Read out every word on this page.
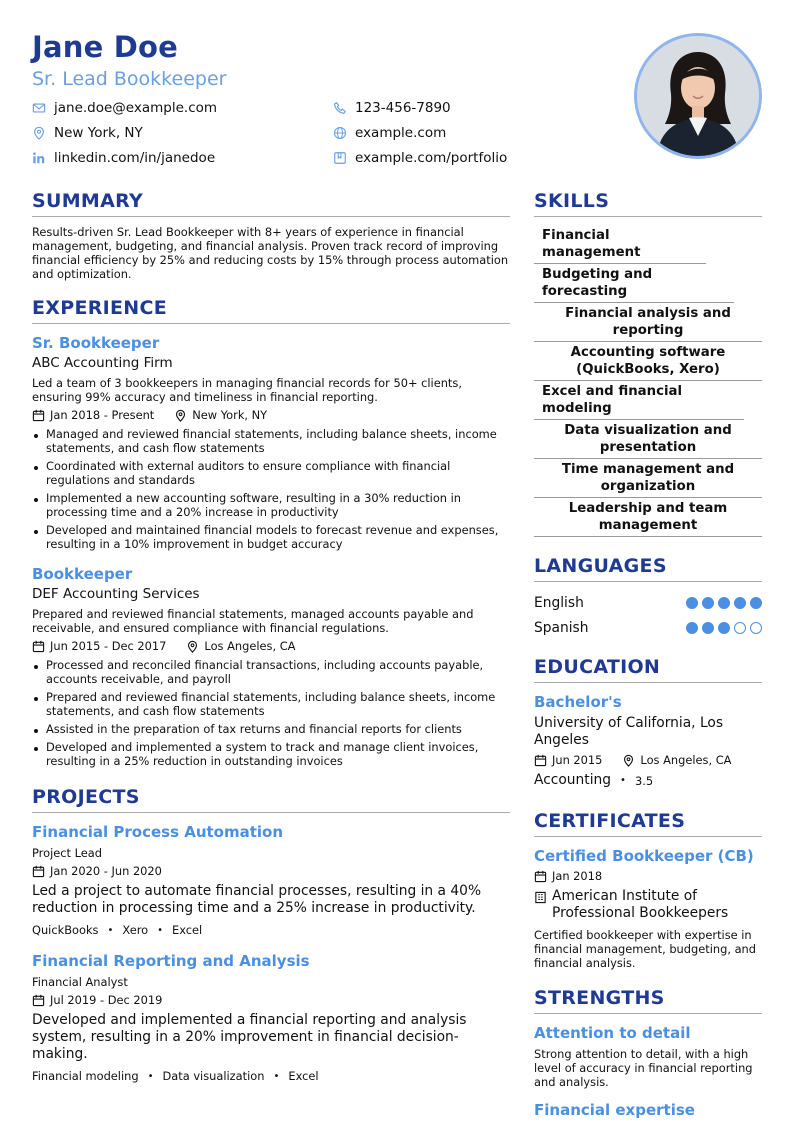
Jane Doe
Sr. Lead Bookkeeper
jane.doe@example.com	123-456-7890
New York, NY	example.com
linkedin.com/in/janedoe	example.com/portfolio
SUMMARY
Results-driven Sr. Lead Bookkeeper with 8+ years of experience in financial management, budgeting, and financial analysis. Proven track record of improving financial efficiency by 25% and reducing costs by 15% through process automation and optimization.
EXPERIENCE
Sr. Bookkeeper
ABC Accounting Firm
Led a team of 3 bookkeepers in managing financial records for 50+ clients, ensuring 99% accuracy and timeliness in financial reporting.
Jan 2018 - Present	New York, NY
Managed and reviewed financial statements, including balance sheets, income statements, and cash flow statements
Coordinated with external auditors to ensure compliance with financial regulations and standards
Implemented a new accounting software, resulting in a 30% reduction in processing time and a 20% increase in productivity
Developed and maintained financial models to forecast revenue and expenses, resulting in a 10% improvement in budget accuracy
Bookkeeper
DEF Accounting Services
Prepared and reviewed financial statements, managed accounts payable and receivable, and ensured compliance with financial regulations.
Jun 2015 - Dec 2017	Los Angeles, CA
Processed and reconciled financial transactions, including accounts payable, accounts receivable, and payroll
Prepared and reviewed financial statements, including balance sheets, income statements, and cash flow statements
Assisted in the preparation of tax returns and financial reports for clients
Developed and implemented a system to track and manage client invoices, resulting in a 25% reduction in outstanding invoices
PROJECTS
Financial Process Automation
Project Lead
Jan 2020 - Jun 2020
Led a project to automate financial processes, resulting in a 40% reduction in processing time and a 25% increase in productivity.
QuickBooks • Xero • Excel
Financial Reporting and Analysis
Financial Analyst
Jul 2019 - Dec 2019
Developed and implemented a financial reporting and analysis system, resulting in a 20% improvement in financial decision-making.
Financial modeling • Data visualization • Excel
SKILLS
Financial management
Budgeting and forecasting
Financial analysis and reporting
Accounting software (QuickBooks, Xero)
Excel and financial modeling
Data visualization and presentation
Time management and organization
Leadership and team management
LANGUAGES
English
Spanish
EDUCATION
Bachelor's
University of California, Los Angeles
Jun 2015	Los Angeles, CA
Accounting • 3.5
CERTIFICATES
Certified Bookkeeper (CB)
Jan 2018
American Institute of Professional Bookkeepers
Certified bookkeeper with expertise in financial management, budgeting, and financial analysis.
STRENGTHS
Attention to detail
Strong attention to detail, with a high level of accuracy in financial reporting and analysis.
Financial expertise
